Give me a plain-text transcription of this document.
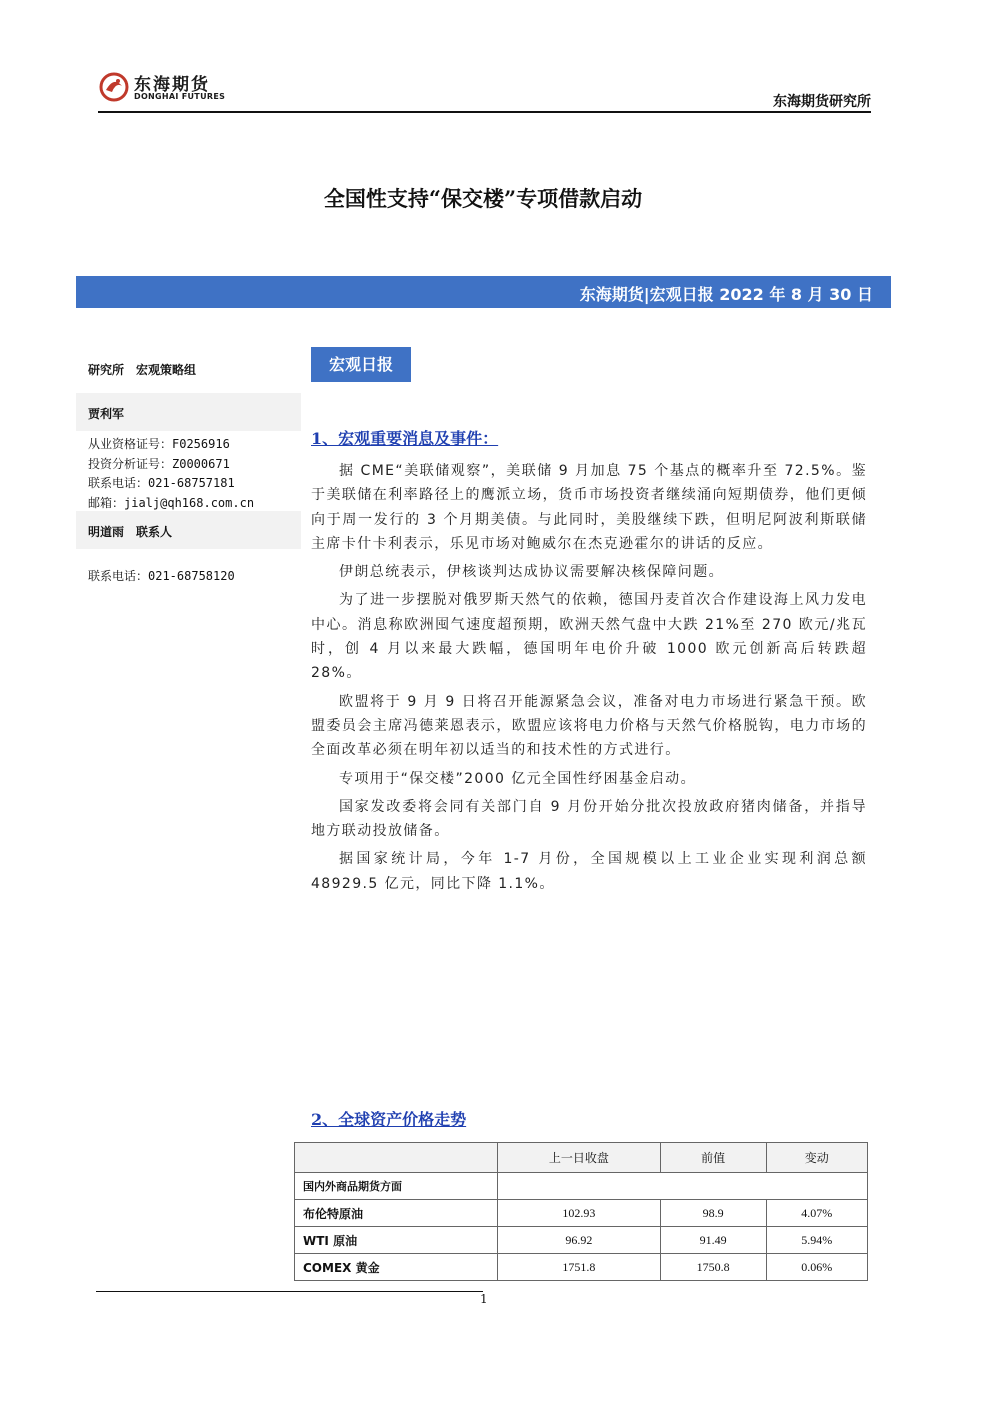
东海期货
DONGHAI FUTURES	东海期货研究所
全国性支持“保交楼”专项借款启动
东海期货|宏观日报 2022 年 8 月 30 日
研究所　宏观策略组
贾利军
从业资格证号：F0256916
投资分析证号：Z0000671
联系电话：021-68757181
邮箱：jialj@qh168.com.cn
明道雨　联系人
联系电话：021-68758120
宏观日报
1、宏观重要消息及事件：

据 CME“美联储观察”，美联储 9 月加息 75 个基点的概率升至 72.5%。鉴于美联储在利率路径上的鹰派立场，货币市场投资者继续涌向短期债券，他们更倾向于周一发行的 3 个月期美债。与此同时，美股继续下跌，但明尼阿波利斯联储主席卡什卡利表示，乐见市场对鲍威尔在杰克逊霍尔的讲话的反应。

伊朗总统表示，伊核谈判达成协议需要解决核保障问题。

为了进一步摆脱对俄罗斯天然气的依赖，德国丹麦首次合作建设海上风力发电中心。消息称欧洲囤气速度超预期，欧洲天然气盘中大跌 21%至 270 欧元/兆瓦时，创 4 月以来最大跌幅，德国明年电价升破 1000 欧元创新高后转跌超 28%。

欧盟将于 9 月 9 日将召开能源紧急会议，准备对电力市场进行紧急干预。欧盟委员会主席冯德莱恩表示，欧盟应该将电力价格与天然气价格脱钩，电力市场的全面改革必须在明年初以适当的和技术性的方式进行。

专项用于“保交楼”2000 亿元全国性纾困基金启动。

国家发改委将会同有关部门自 9 月份开始分批次投放政府猪肉储备，并指导地方联动投放储备。

据国家统计局，今年 1-7 月份，全国规模以上工业企业实现利润总额 48929.5 亿元，同比下降 1.1%。

2、全球资产价格走势
	上一日收盘	前值	变动
国内外商品期货方面			
布伦特原油	102.93	98.9	4.07%
WTI 原油	96.92	91.49	5.94%
COMEX 黄金	1751.8	1750.8	0.06%
1
